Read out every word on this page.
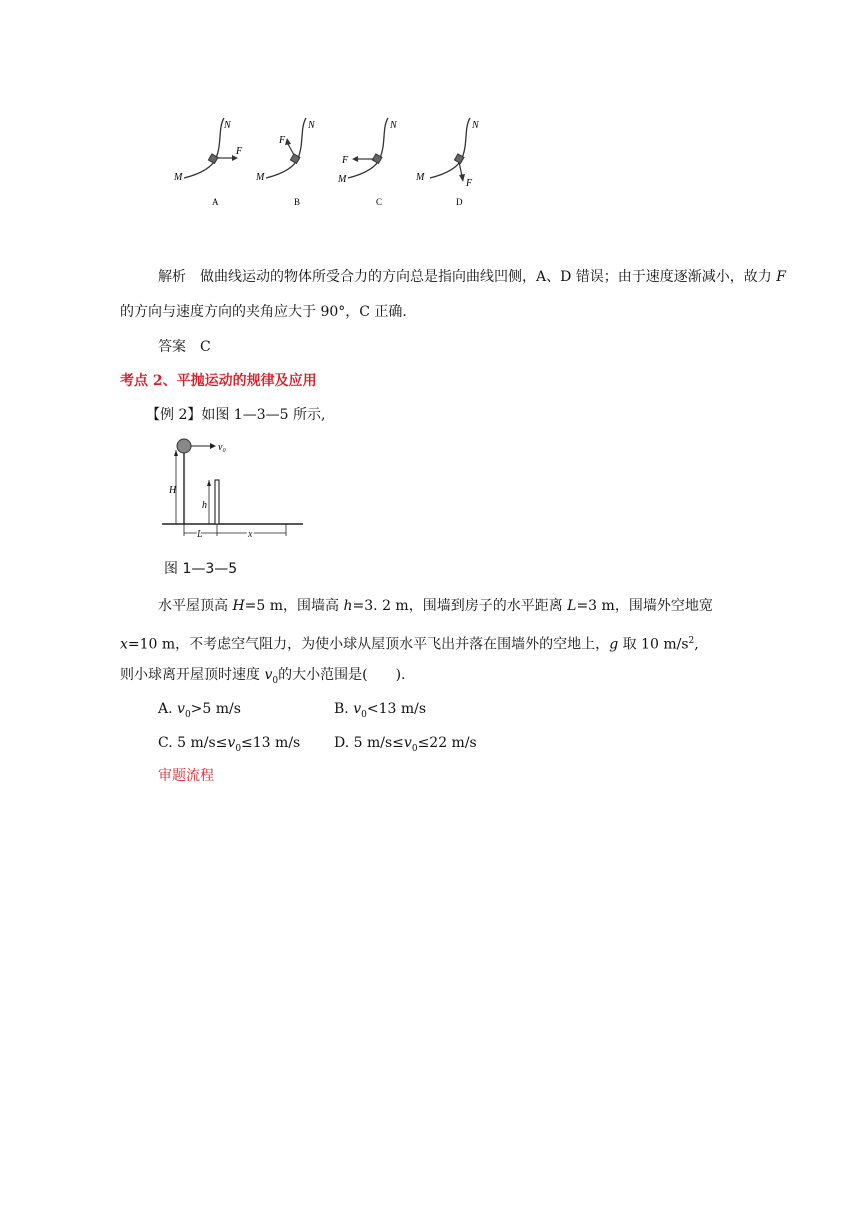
M
N
F
A
M
N
F
B
M
N
F
C
M
N
F
D
解析　 做曲线运动的物体所受合力的方向总是指向曲线凹侧，A、D 错误；由于速度逐渐减小，故力 F
的方向与速度方向的夹角应大于 90°，C 正确.
答案　 C
考点 2、平抛运动的规律及应用
【例 2】如图 1—3—5 所示,
v₀
H
h
L	x
图 1—3—5
水平屋顶高 H=5 m，围墙高 h=3. 2 m，围墙到房子的水平距离 L=3 m，围墙外空地宽
x=10 m，不考虑空气阻力，为使小球从屋顶水平飞出并落在围墙外的空地上，g 取 10 $m/s^2$,
则小球离开屋顶时速度 $v_0$的大小范围是(　　).
A. $v_0>5$ m/s	B. $v_0<13$ m/s
C. 5 $m/s\le v_0\le 13$ m/s D. 5 $m/s\le v_0\le 22$ m/s
审题流程
